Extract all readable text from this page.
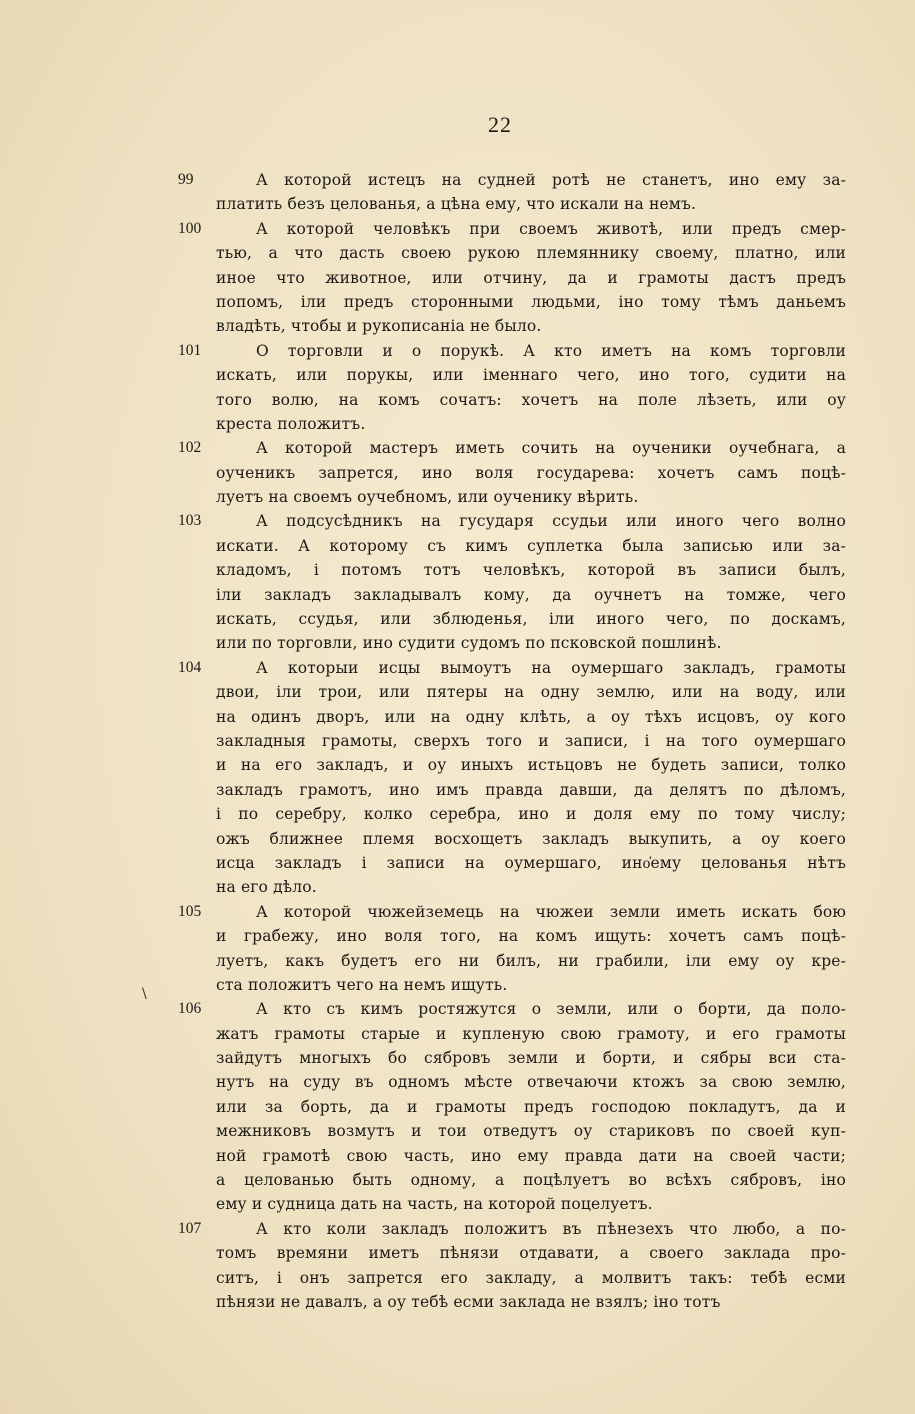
22
\
99	А которой истецъ на судней ротѣ не станетъ, ино ему за-
платить безъ целованья, а цѣна ему, что искали на немъ.
100	А которой человѣкъ при своемъ животѣ, или предъ смер-
тью, а что дасть своею рукою племяннику своему, платно, или
иное что животное, или отчину, да и грамоты дастъ предъ
попомъ, іли предъ сторонными людьми, іно тому тѣмъ даньемъ
владѣть, чтобы и рукописаніа не было.
101	О торговли и о порукѣ. А кто иметъ на комъ торговли
искать, или порукы, или іменнаго чего, ино того, судити на
того волю, на комъ сочатъ: хочетъ на поле лѣзеть, или оу
креста положитъ.
102	А которой мастеръ иметь сочить на оученики оучебнага, а
оученикъ запрется, ино воля государева: хочетъ самъ поцѣ-
луетъ на своемъ оучебномъ, или оученику вѣрить.
103	А подсусѣдникъ на гусударя ссудьи или иного чего волно
искати. А которому съ кимъ суплетка была записью или за-
кладомъ, і потомъ тотъ человѣкъ, которой въ записи былъ,
іли закладъ закладывалъ кому, да оучнетъ на томже, чего
искать, ссудья, или зблюденья, іли иного чего, по доскамъ,
или по торговли, ино судити судомъ по псковской пошлинѣ.
104	А которыи исцы вымоутъ на оумершаго закладъ, грамоты
двои, іли трои, или пятеры на одну землю, или на воду, или
на одинъ дворъ, или на одну клѣть, а оу тѣхъ исцовъ, оу кого
закладныя грамоты, сверхъ того и записи, і на того оумершаго
и на его закладъ, и оу иныхъ истьцовъ не будеть записи, толко
закладъ грамотъ, ино имъ правда давши, да делятъ по дѣломъ,
і по серебру, колко серебра, ино и доля ему по тому числу;
ожъ ближнее племя восхощетъ закладъ выкупить, а оу коего
исца закладъ і записи на оумершаго, ино҆ему целованья нѣтъ
на его дѣло.
105	А которой чюжейземець на чюжеи земли иметь искать бою
и грабежу, ино воля того, на комъ ищуть: хочетъ самъ поцѣ-
луетъ, какъ будетъ его ни билъ, ни грабили, іли ему оу кре-
ста положитъ чего на немъ ищуть.
106	А кто съ кимъ ростяжутся о земли, или о борти, да поло-
жатъ грамоты старые и купленую свою грамоту, и его грамоты
зайдутъ многыхъ бо сябровъ земли и борти, и сябры вси ста-
нутъ на суду въ одномъ мѣсте отвечаючи ктожъ за свою землю,
или за борть, да и грамоты предъ господою покладутъ, да и
межниковъ возмутъ и тои отведутъ оу стариковъ по своей куп-
ной грамотѣ свою часть, ино ему правда дати на своей части;
а целованью быть одному, а поцѣлуетъ во всѣхъ сябровъ, іно
ему и судница дать на часть, на которой поцелуетъ.
107	А кто коли закладъ положитъ въ пѣнезехъ что любо, а по-
томъ времяни иметъ пѣнязи отдавати, а своего заклада про-
ситъ, і онъ запрется его закладу, а молвитъ такъ: тебѣ есми
пѣнязи не давалъ, а оу тебѣ есми заклада не взялъ; іно тотъ
